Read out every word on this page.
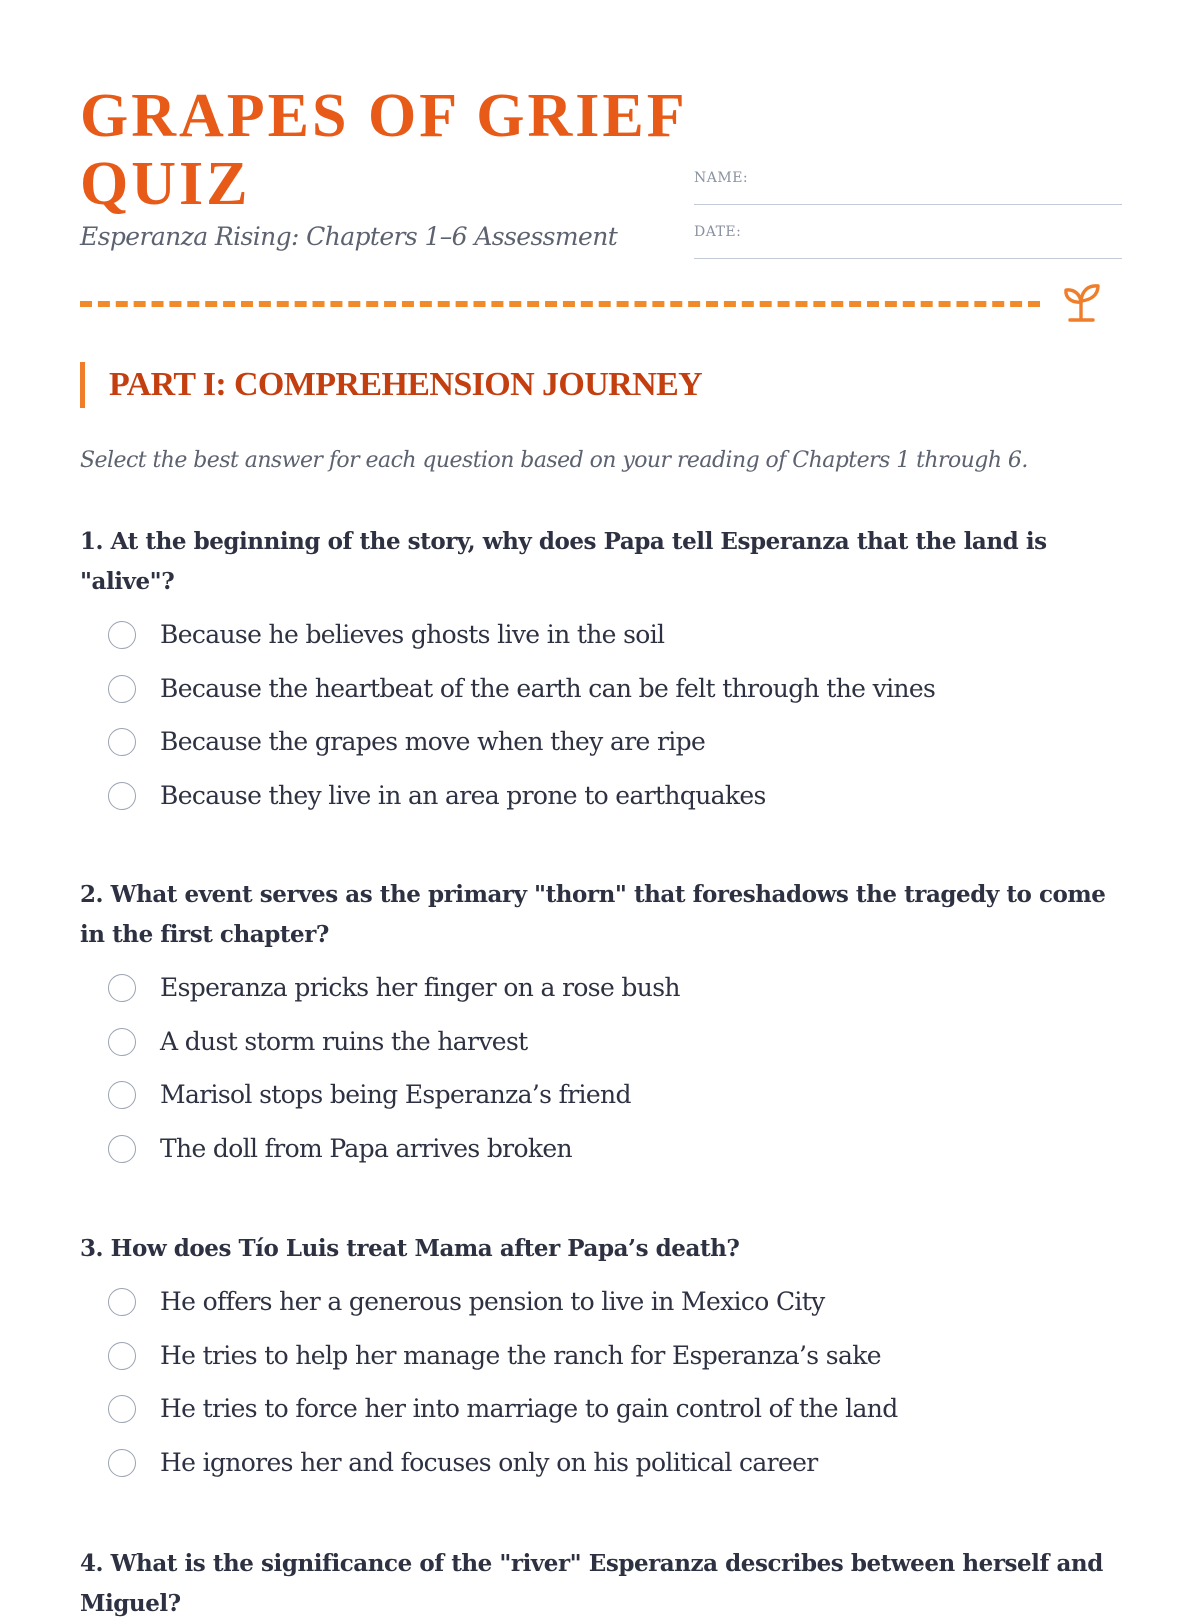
GRAPES OF GRIEF QUIZ
Esperanza Rising: Chapters 1–6 Assessment
NAME:
DATE:
PART I: COMPREHENSION JOURNEY
Select the best answer for each question based on your reading of Chapters 1 through 6.

1. At the beginning of the story, why does Papa tell Esperanza that the land is "alive"?

Because he believes ghosts live in the soil
Because the heartbeat of the earth can be felt through the vines
Because the grapes move when they are ripe
Because they live in an area prone to earthquakes

2. What event serves as the primary "thorn" that foreshadows the tragedy to come in the first chapter?

Esperanza pricks her finger on a rose bush
A dust storm ruins the harvest
Marisol stops being Esperanza’s friend
The doll from Papa arrives broken

3. How does Tío Luis treat Mama after Papa’s death?

He offers her a generous pension to live in Mexico City
He tries to help her manage the ranch for Esperanza’s sake
He tries to force her into marriage to gain control of the land
He ignores her and focuses only on his political career

4. What is the significance of the "river" Esperanza describes between herself and Miguel?
